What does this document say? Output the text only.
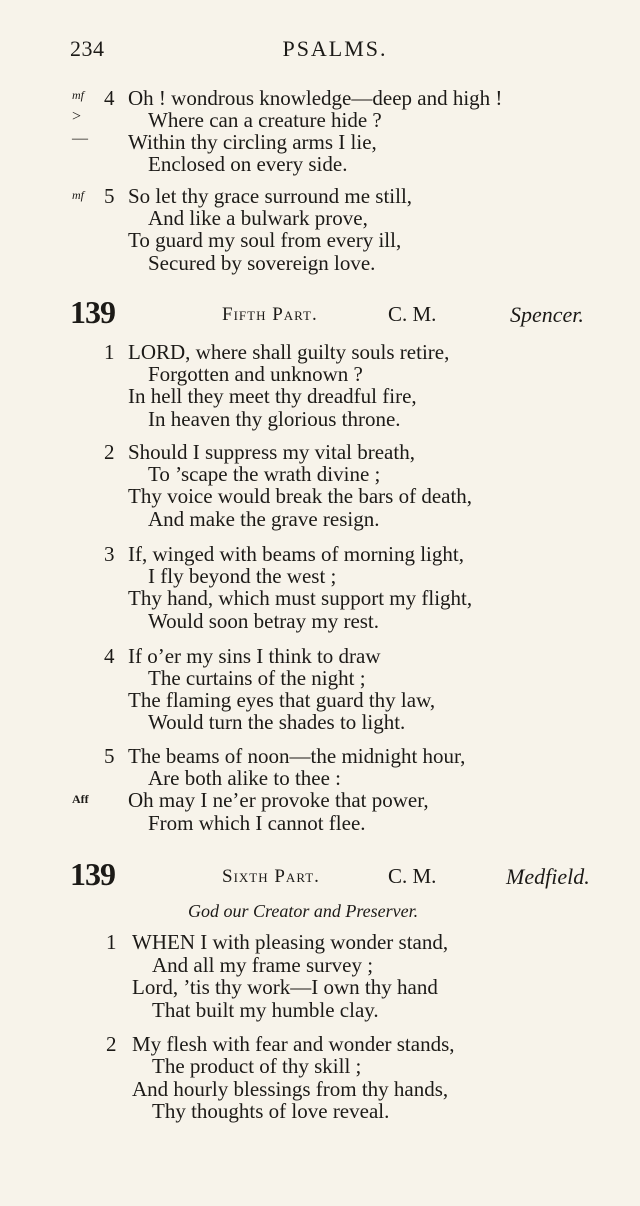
234	PSALMS.
mf
>
—
4 Oh ! wondrous knowledge—deep and high !
Where can a creature hide ?
Within thy circling arms I lie,
Enclosed on every side.
mf 5 So let thy grace surround me still,
And like a bulwark prove,
To guard my soul from every ill,
Secured by sovereign love.
139	Fifth Part.	C. M.	Spencer.
1 LORD, where shall guilty souls retire,
Forgotten and unknown ?
In hell they meet thy dreadful fire,
In heaven thy glorious throne.
2 Should I suppress my vital breath,
To ’scape the wrath divine ;
Thy voice would break the bars of death,
And make the grave resign.
3 If, winged with beams of morning light,
I fly beyond the west ;
Thy hand, which must support my flight,
Would soon betray my rest.
4 If o’er my sins I think to draw
The curtains of the night ;
The flaming eyes that guard thy law,
Would turn the shades to light.
5 The beams of noon—the midnight hour,
Are both alike to thee :
Aff Oh may I ne’er provoke that power,
From which I cannot flee.
139	Sixth Part.	C. M.	Medfield.
God our Creator and Preserver.
1 WHEN I with pleasing wonder stand,
And all my frame survey ;
Lord, ’tis thy work—I own thy hand
That built my humble clay.
2 My flesh with fear and wonder stands,
The product of thy skill ;
And hourly blessings from thy hands,
Thy thoughts of love reveal.
